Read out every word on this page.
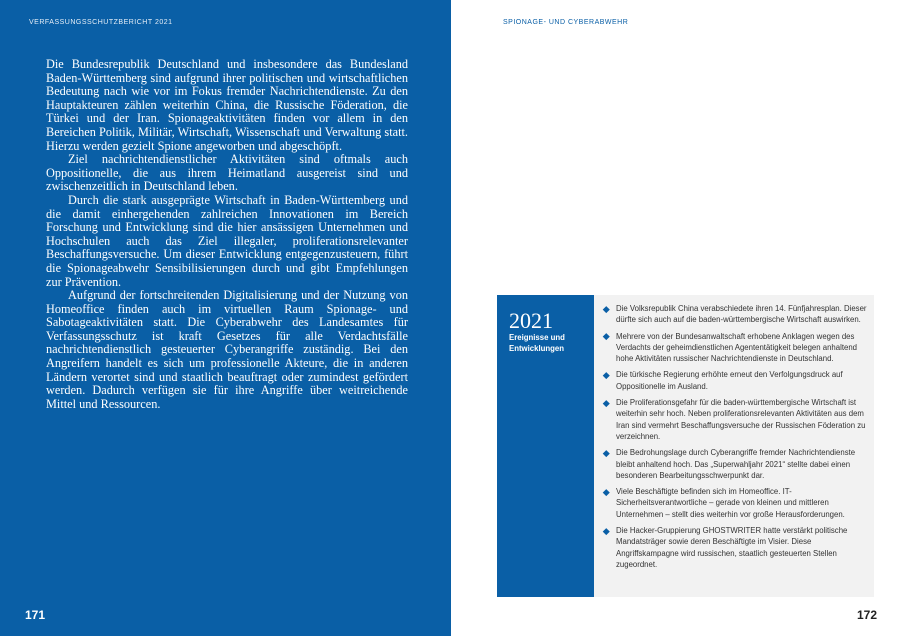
VERFASSUNGSSCHUTZBERICHT 2021

Die Bundesrepublik Deutschland und insbesondere das Bundesland Baden-Württemberg sind aufgrund ihrer politischen und wirtschaftlichen Bedeutung nach wie vor im Fokus fremder Nachrichtendienste. Zu den Hauptakteuren zählen weiterhin China, die Russische Föderation, die Türkei und der Iran. Spionageaktivitäten finden vor allem in den Bereichen Politik, Militär, Wirtschaft, Wissenschaft und Verwaltung statt. Hierzu werden gezielt Spione angeworben und abgeschöpft.

Ziel nachrichtendienstlicher Aktivitäten sind oftmals auch Oppositionelle, die aus ihrem Heimatland ausgereist sind und zwischenzeitlich in Deutschland leben.

Durch die stark ausgeprägte Wirtschaft in Baden-Württemberg und die damit einhergehenden zahlreichen Innovationen im Bereich Forschung und Entwicklung sind die hier ansässigen Unternehmen und Hochschulen auch das Ziel illegaler, proliferationsrelevanter Beschaffungsversuche. Um dieser Entwicklung entgegenzusteuern, führt die Spionageabwehr Sensibilisierungen durch und gibt Empfehlungen zur Prävention.

Aufgrund der fortschreitenden Digitalisierung und der Nutzung von Homeoffice finden auch im virtuellen Raum Spionage- und Sabotageaktivitäten statt. Die Cyberabwehr des Landesamtes für Verfassungsschutz ist kraft Gesetzes für alle Verdachtsfälle nachrichtendienstlich gesteuerter Cyberangriffe zuständig. Bei den Angreifern handelt es sich um professionelle Akteure, die in anderen Ländern verortet sind und staatlich beauftragt oder zumindest gefördert werden. Dadurch verfügen sie für ihre Angriffe über weitreichende Mittel und Ressourcen.

171
SPIONAGE- UND CYBERABWEHR
2021
Ereignisse und Entwicklungen
Die Volksrepublik China verabschiedete ihren 14. Fünfjahresplan. Dieser dürfte sich auch auf die baden-württembergische Wirtschaft auswirken.
Mehrere von der Bundesanwaltschaft erhobene Anklagen wegen des Verdachts der geheimdienstlichen Agententätigkeit belegen anhaltend hohe Aktivitäten russischer Nachrichtendienste in Deutschland.
Die türkische Regierung erhöhte erneut den Verfolgungsdruck auf Oppositionelle im Ausland.
Die Proliferationsgefahr für die baden-württembergische Wirtschaft ist weiterhin sehr hoch. Neben proliferationsrelevanten Aktivitäten aus dem Iran sind vermehrt Beschaffungsversuche der Russischen Föderation zu verzeichnen.
Die Bedrohungslage durch Cyberangriffe fremder Nachrichtendienste bleibt anhaltend hoch. Das „Superwahljahr 2021“ stellte dabei einen besonderen Bearbeitungsschwerpunkt dar.
Viele Beschäftigte befinden sich im Homeoffice. IT-Sicherheitsverantwortliche – gerade von kleinen und mittleren Unternehmen – stellt dies weiterhin vor große Herausforderungen.
Die Hacker-Gruppierung GHOSTWRITER hatte verstärkt politische Mandatsträger sowie deren Beschäftigte im Visier. Diese Angriffskampagne wird russischen, staatlich gesteuerten Stellen zugeordnet.
172
